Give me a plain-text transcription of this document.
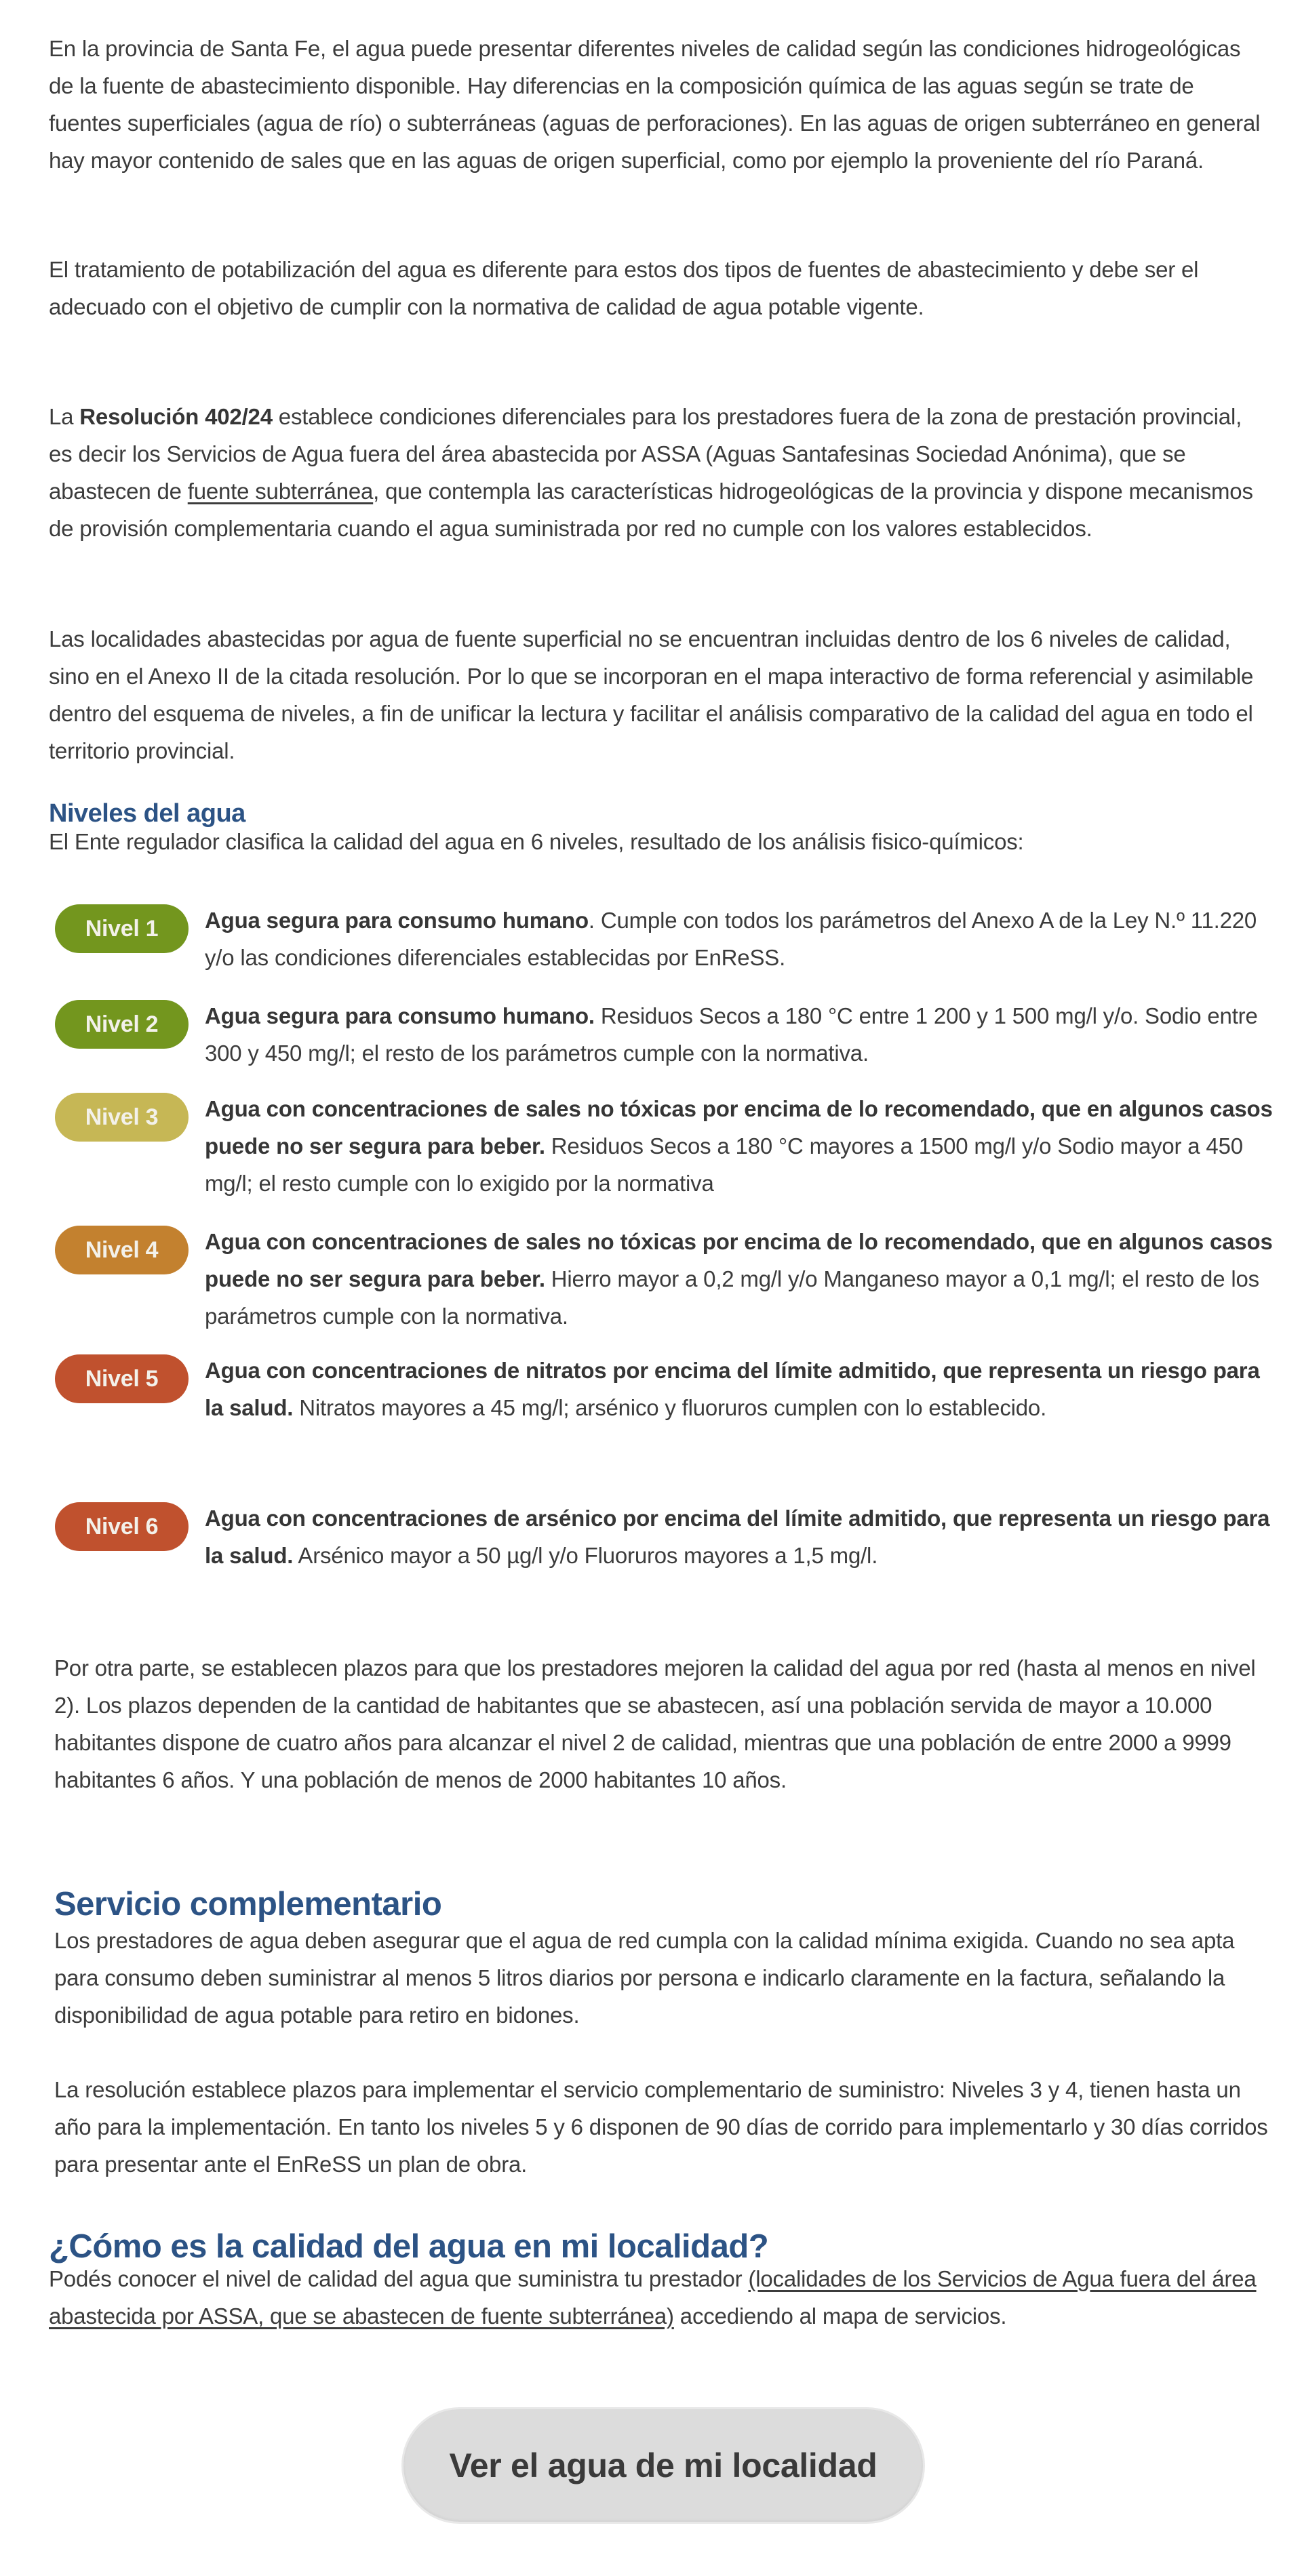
En la provincia de Santa Fe, el agua puede presentar diferentes niveles de calidad según las condiciones hidrogeológicas de la fuente de abastecimiento disponible. Hay diferencias en la composición química de las aguas según se trate de fuentes superficiales (agua de río) o subterráneas (aguas de perforaciones). En las aguas de origen subterráneo en general hay mayor contenido de sales que en las aguas de origen superficial, como por ejemplo la proveniente del río Paraná.

El tratamiento de potabilización del agua es diferente para estos dos tipos de fuentes de abastecimiento y debe ser el adecuado con el objetivo de cumplir con la normativa de calidad de agua potable vigente.

La Resolución 402/24 establece condiciones diferenciales para los prestadores fuera de la zona de prestación provincial, es decir los Servicios de Agua fuera del área abastecida por ASSA (Aguas Santafesinas Sociedad Anónima), que se abastecen de fuente subterránea, que contempla las características hidrogeológicas de la provincia y dispone mecanismos de provisión complementaria cuando el agua suministrada por red no cumple con los valores establecidos.

Las localidades abastecidas por agua de fuente superficial no se encuentran incluidas dentro de los 6 niveles de calidad, sino en el Anexo II de la citada resolución. Por lo que se incorporan en el mapa interactivo de forma referencial y asimilable dentro del esquema de niveles, a fin de unificar la lectura y facilitar el análisis comparativo de la calidad del agua en todo el territorio provincial.

Niveles del agua

El Ente regulador clasifica la calidad del agua en 6 niveles, resultado de los análisis fisico-químicos:

Nivel 1	Agua segura para consumo humano. Cumple con todos los parámetros del Anexo A de la Ley N.º 11.220 y/o las condiciones diferenciales establecidas por EnReSS.

Nivel 2	Agua segura para consumo humano. Residuos Secos a 180 °C entre 1 200 y 1 500 mg/l y/o. Sodio entre 300 y 450 mg/l; el resto de los parámetros cumple con la normativa.

Nivel 3	Agua con concentraciones de sales no tóxicas por encima de lo recomendado, que en algunos casos puede no ser segura para beber. Residuos Secos a 180 °C mayores a 1500 mg/l y/o Sodio mayor a 450 mg/l; el resto cumple con lo exigido por la normativa

Nivel 4	Agua con concentraciones de sales no tóxicas por encima de lo recomendado, que en algunos casos puede no ser segura para beber. Hierro mayor a 0,2 mg/l y/o Manganeso mayor a 0,1 mg/l; el resto de los parámetros cumple con la normativa.

Nivel 5	Agua con concentraciones de nitratos por encima del límite admitido, que representa un riesgo para la salud. Nitratos mayores a 45 mg/l; arsénico y fluoruros cumplen con lo establecido.

Nivel 6	Agua con concentraciones de arsénico por encima del límite admitido, que representa un riesgo para la salud. Arsénico mayor a 50 µg/l y/o Fluoruros mayores a 1,5 mg/l.

Por otra parte, se establecen plazos para que los prestadores mejoren la calidad del agua por red (hasta al menos en nivel 2). Los plazos dependen de la cantidad de habitantes que se abastecen, así una población servida de mayor a 10.000 habitantes dispone de cuatro años para alcanzar el nivel 2 de calidad, mientras que una población de entre 2000 a 9999 habitantes 6 años. Y una población de menos de 2000 habitantes 10 años.

Servicio complementario

Los prestadores de agua deben asegurar que el agua de red cumpla con la calidad mínima exigida. Cuando no sea apta para consumo deben suministrar al menos 5 litros diarios por persona e indicarlo claramente en la factura, señalando la disponibilidad de agua potable para retiro en bidones.

La resolución establece plazos para implementar el servicio complementario de suministro: Niveles 3 y 4, tienen hasta un año para la implementación. En tanto los niveles 5 y 6 disponen de 90 días de corrido para implementarlo y 30 días corridos para presentar ante el EnReSS un plan de obra.

¿Cómo es la calidad del agua en mi localidad?

Podés conocer el nivel de calidad del agua que suministra tu prestador (localidades de los Servicios de Agua fuera del área abastecida por ASSA, que se abastecen de fuente subterránea) accediendo al mapa de servicios.

Ver el agua de mi localidad
